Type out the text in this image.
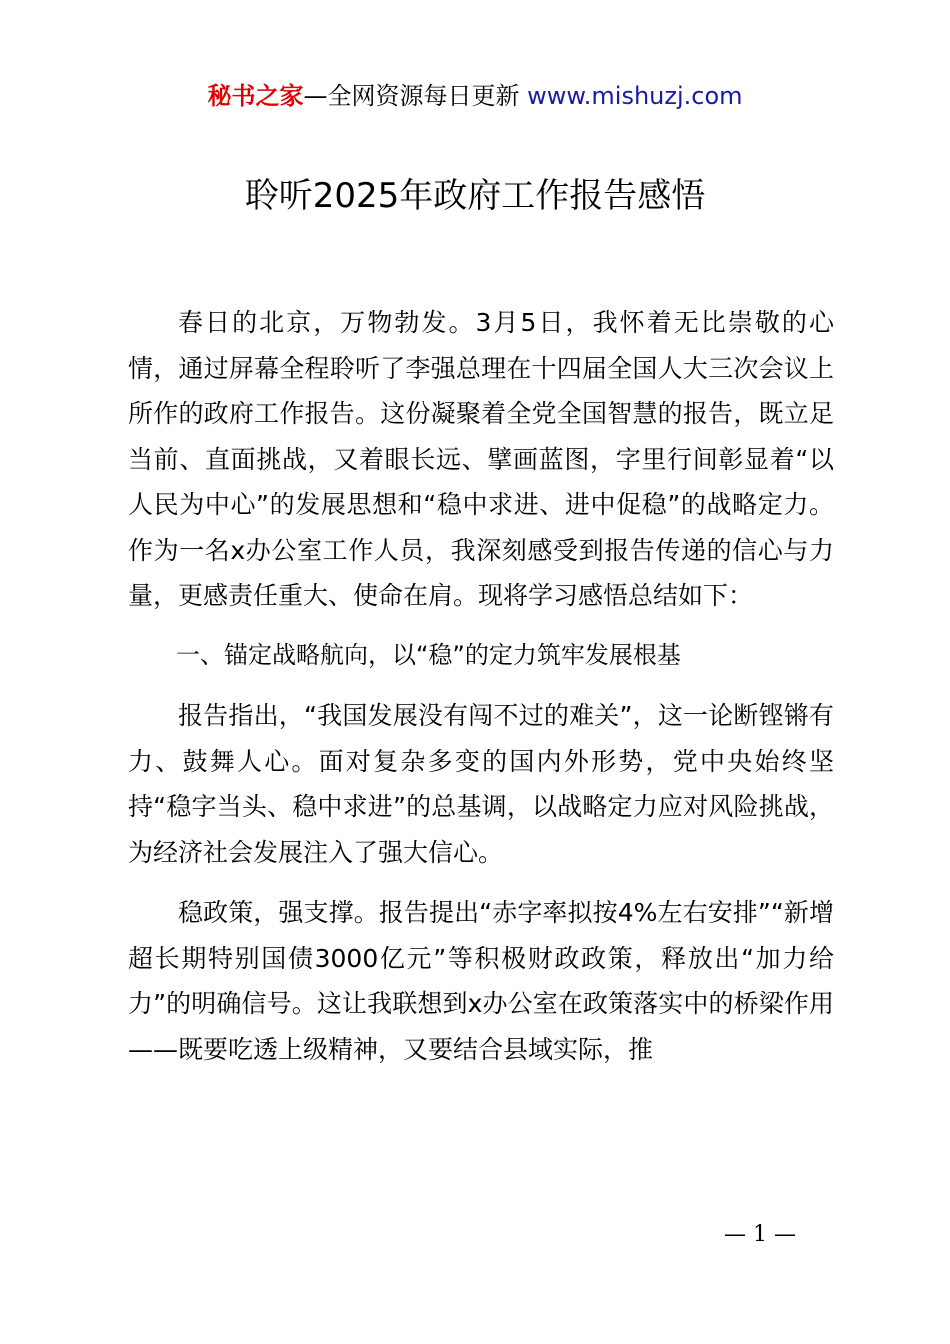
秘书之家—全网资源每日更新 www.mishuzj.com
聆听2025年政府工作报告感悟

春日的北京，万物勃发。3月5日，我怀着无比崇敬的心情，通过屏幕全程聆听了李强总理在十四届全国人大三次会议上所作的政府工作报告。这份凝聚着全党全国智慧的报告，既立足当前、直面挑战，又着眼长远、擘画蓝图，字里行间彰显着“以人民为中心”的发展思想和“稳中求进、进中促稳”的战略定力。作为一名x办公室工作人员，我深刻感受到报告传递的信心与力量，更感责任重大、使命在肩。现将学习感悟总结如下：

一、锚定战略航向，以“稳”的定力筑牢发展根基

报告指出，“我国发展没有闯不过的难关”，这一论断铿锵有力、鼓舞人心。面对复杂多变的国内外形势，党中央始终坚持“稳字当头、稳中求进”的总基调，以战略定力应对风险挑战，为经济社会发展注入了强大信心。

稳政策，强支撑。报告提出“赤字率拟按4%左右安排”“新增超长期特别国债3000亿元”等积极财政政策，释放出“加力给力”的明确信号。这让我联想到x办公室在政策落实中的桥梁作用——既要吃透上级精神，又要结合县域实际，推

— 1 —
